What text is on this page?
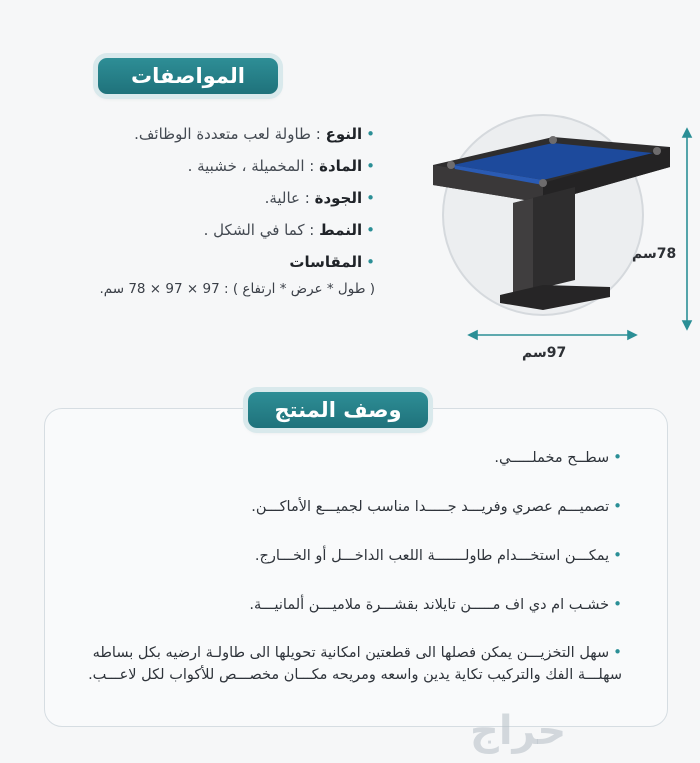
المواصفات
•النوع : طاولة لعب متعددة الوظائف.
•المادة : المخميلة ، خشبية .
•الجودة : عالية.
•النمط : كما في الشكل .
•المقاسات
( طول * عرض * ارتفاع ) : 97 × 97 × 78 سم.
78سم
97سم
وصف المنتج
•سطــح مخملـــــي.
•تصميـــم عصري وفريـــد جـــــدا مناسب لجميـــع الأماكـــن.
•يمكـــن استخـــدام طاولـــــــة اللعب الداخـــل أو الخـــارج.
•خشـب ام دي اف مـــــن تايلاند بقشـــرة ملاميـــن ألمانيـــة.
•سهل التخزيـــن يمكن فصلها الى قطعتين امكانية تحويلها الى طاولـة ارضيه بكل بساطه سهلـــة الفك والتركيب تكاية يدين واسعه ومريحه مكـــان مخصـــص للأكواب لكل لاعـــب.
حراج
